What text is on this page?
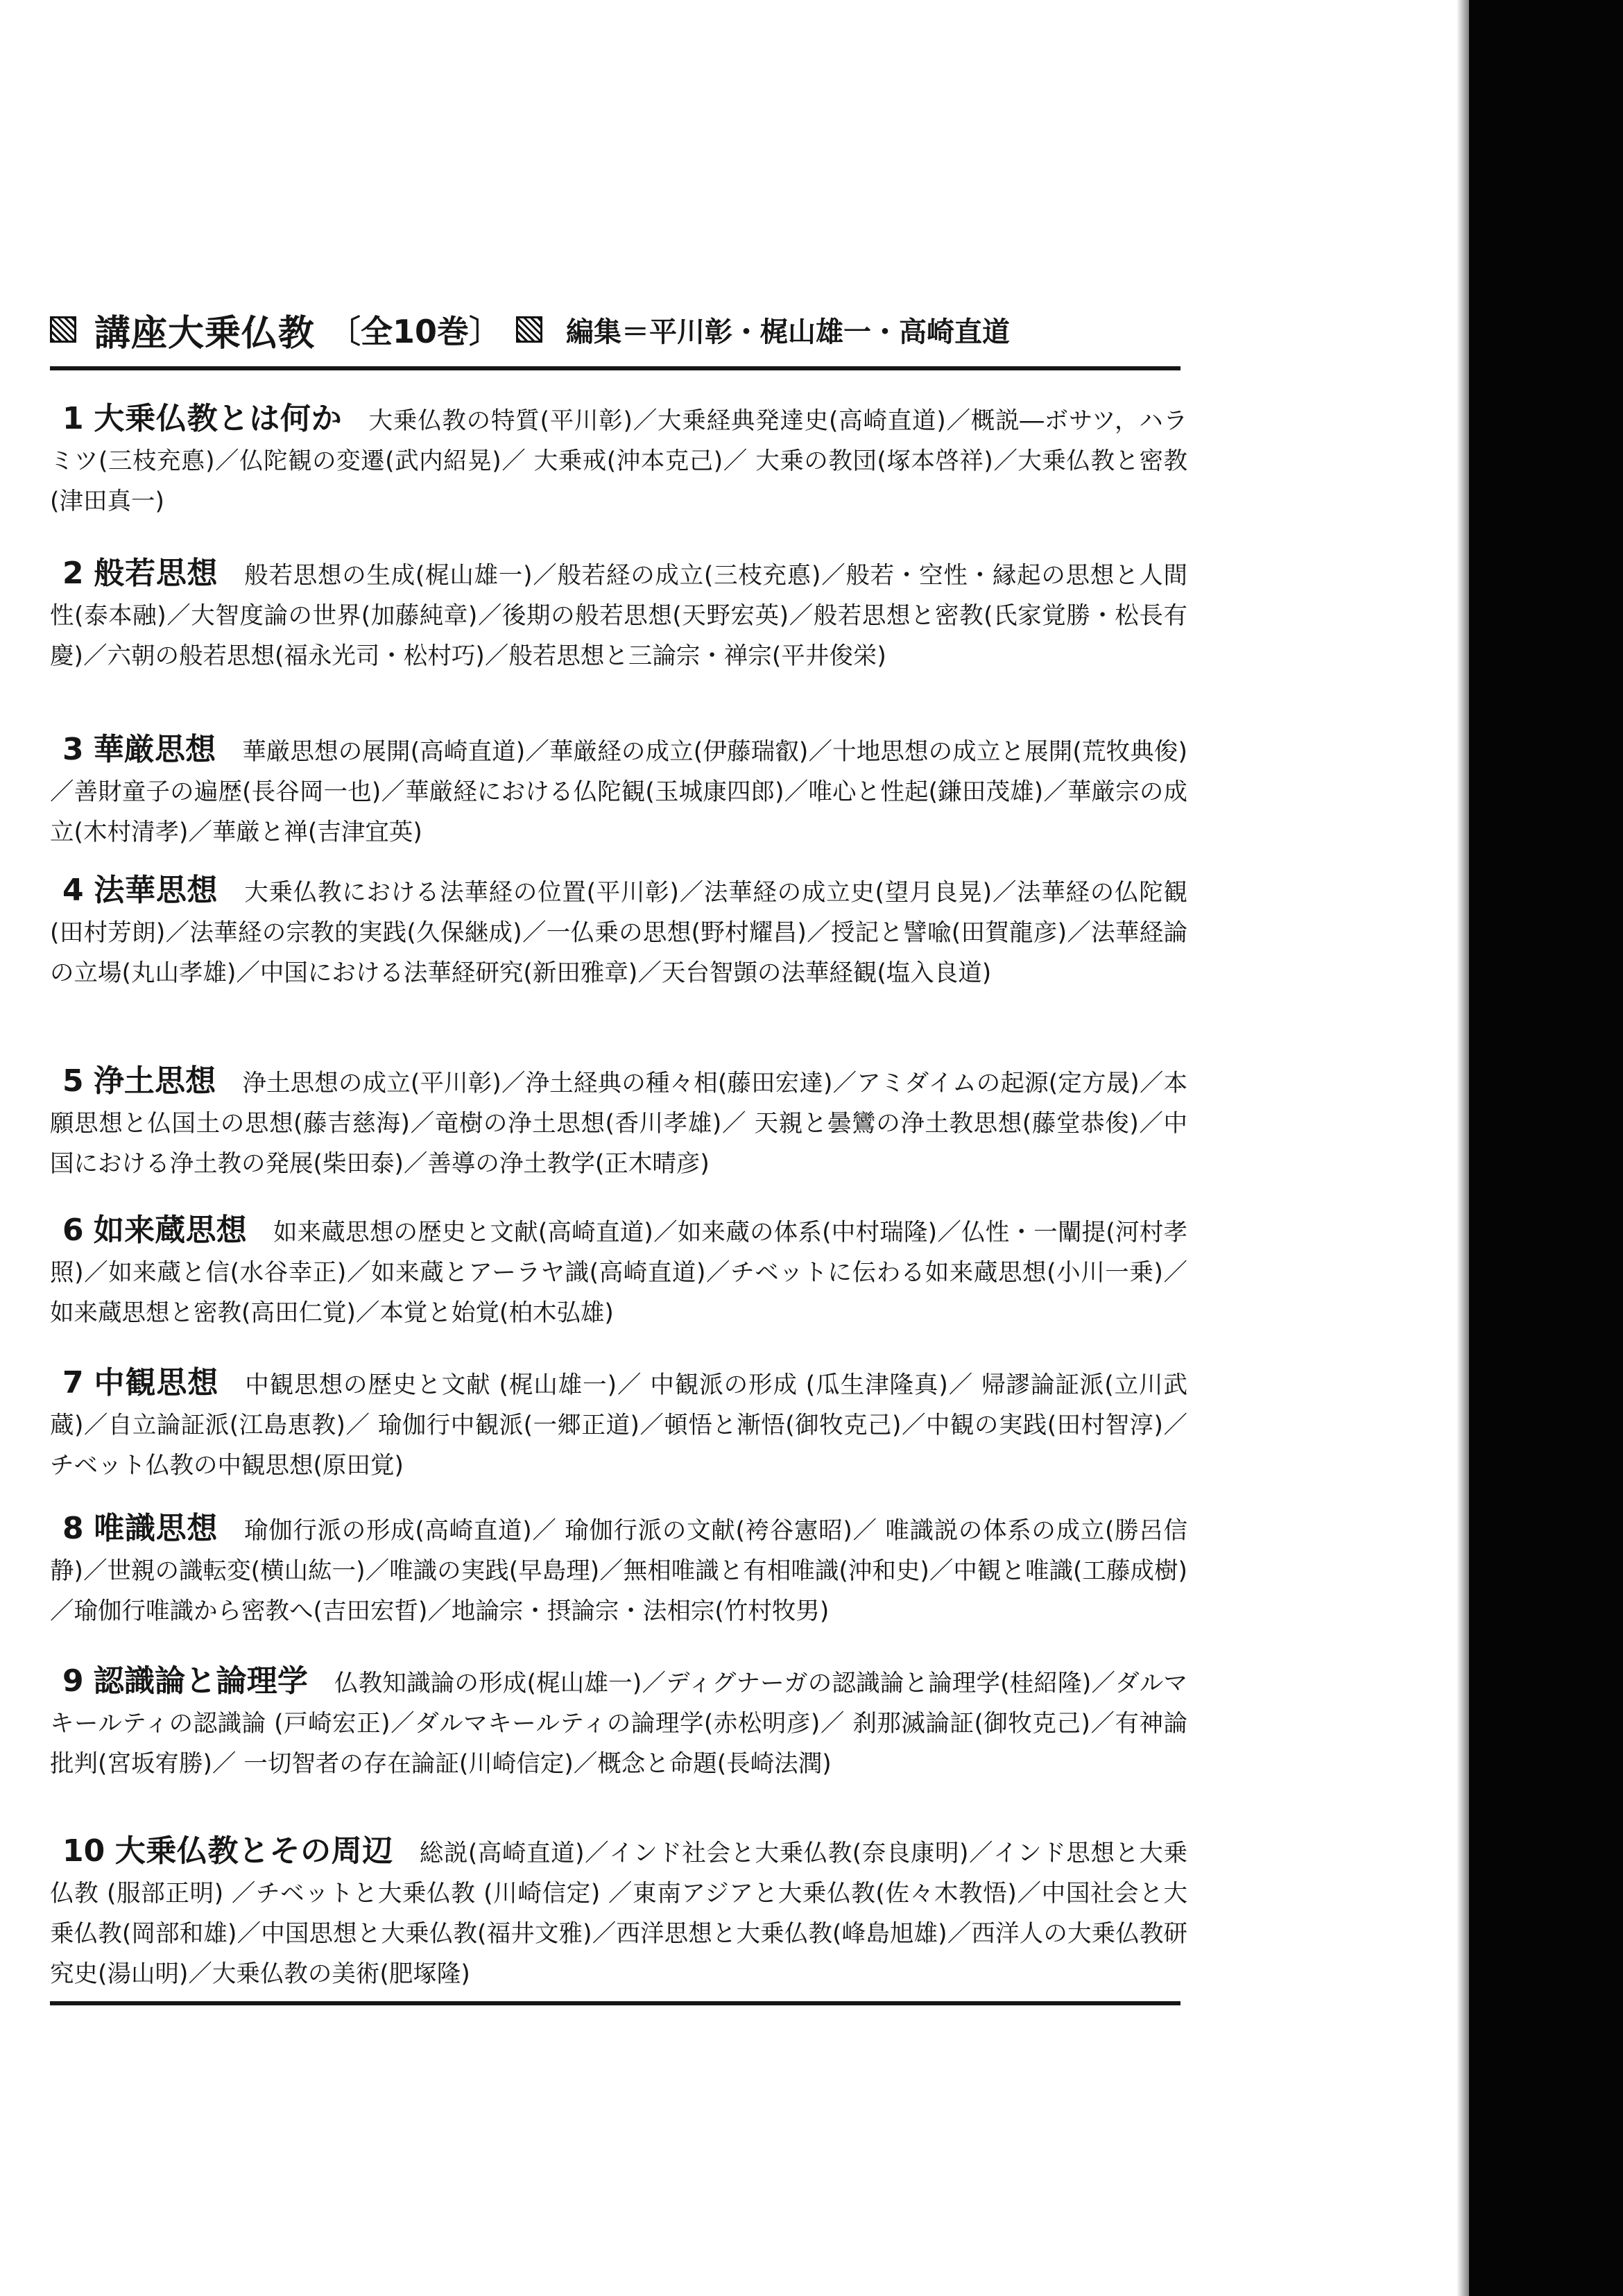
講座大乗仏教 〔全10巻〕 編集＝平川彰・梶山雄一・高崎直道

1 大乗仏教とは何か 大乗仏教の特質(平川彰)／大乗経典発達史(高崎直道)／概説―ボサツ，ハラミツ(三枝充悳)／仏陀観の変遷(武内紹晃)／ 大乗戒(沖本克己)／ 大乗の教団(塚本啓祥)／大乗仏教と密教(津田真一)

2 般若思想 般若思想の生成(梶山雄一)／般若経の成立(三枝充悳)／般若・空性・縁起の思想と人間性(泰本融)／大智度論の世界(加藤純章)／後期の般若思想(天野宏英)／般若思想と密教(氏家覚勝・松長有慶)／六朝の般若思想(福永光司・松村巧)／般若思想と三論宗・禅宗(平井俊栄)

3 華厳思想 華厳思想の展開(高崎直道)／華厳経の成立(伊藤瑞叡)／十地思想の成立と展開(荒牧典俊)／善財童子の遍歴(長谷岡一也)／華厳経における仏陀観(玉城康四郎)／唯心と性起(鎌田茂雄)／華厳宗の成立(木村清孝)／華厳と禅(吉津宜英)

4 法華思想 大乗仏教における法華経の位置(平川彰)／法華経の成立史(望月良晃)／法華経の仏陀観(田村芳朗)／法華経の宗教的実践(久保継成)／一仏乗の思想(野村耀昌)／授記と譬喩(田賀龍彦)／法華経論の立場(丸山孝雄)／中国における法華経研究(新田雅章)／天台智顗の法華経観(塩入良道)

5 浄土思想 浄土思想の成立(平川彰)／浄土経典の種々相(藤田宏達)／アミダイムの起源(定方晟)／本願思想と仏国土の思想(藤吉慈海)／竜樹の浄土思想(香川孝雄)／ 天親と曇鸞の浄土教思想(藤堂恭俊)／中国における浄土教の発展(柴田泰)／善導の浄土教学(正木晴彦)

6 如来蔵思想 如来蔵思想の歴史と文献(高崎直道)／如来蔵の体系(中村瑞隆)／仏性・一闡提(河村孝照)／如来蔵と信(水谷幸正)／如来蔵とアーラヤ識(高崎直道)／チベットに伝わる如来蔵思想(小川一乗)／如来蔵思想と密教(高田仁覚)／本覚と始覚(柏木弘雄)

7 中観思想 中観思想の歴史と文献 (梶山雄一)／ 中観派の形成 (瓜生津隆真)／ 帰謬論証派(立川武蔵)／自立論証派(江島恵教)／ 瑜伽行中観派(一郷正道)／頓悟と漸悟(御牧克己)／中観の実践(田村智淳)／チベット仏教の中観思想(原田覚)

8 唯識思想 瑜伽行派の形成(高崎直道)／ 瑜伽行派の文献(袴谷憲昭)／ 唯識説の体系の成立(勝呂信静)／世親の識転変(横山紘一)／唯識の実践(早島理)／無相唯識と有相唯識(沖和史)／中観と唯識(工藤成樹)／瑜伽行唯識から密教へ(吉田宏晢)／地論宗・摂論宗・法相宗(竹村牧男)

9 認識論と論理学 仏教知識論の形成(梶山雄一)／ディグナーガの認識論と論理学(桂紹隆)／ダルマキールティの認識論 (戸崎宏正)／ダルマキールティの論理学(赤松明彦)／ 刹那滅論証(御牧克己)／有神論批判(宮坂宥勝)／ 一切智者の存在論証(川崎信定)／概念と命題(長崎法潤)

10 大乗仏教とその周辺 総説(高崎直道)／インド社会と大乗仏教(奈良康明)／インド思想と大乗仏教 (服部正明) ／チベットと大乗仏教 (川崎信定) ／東南アジアと大乗仏教(佐々木教悟)／中国社会と大乗仏教(岡部和雄)／中国思想と大乗仏教(福井文雅)／西洋思想と大乗仏教(峰島旭雄)／西洋人の大乗仏教研究史(湯山明)／大乗仏教の美術(肥塚隆)
